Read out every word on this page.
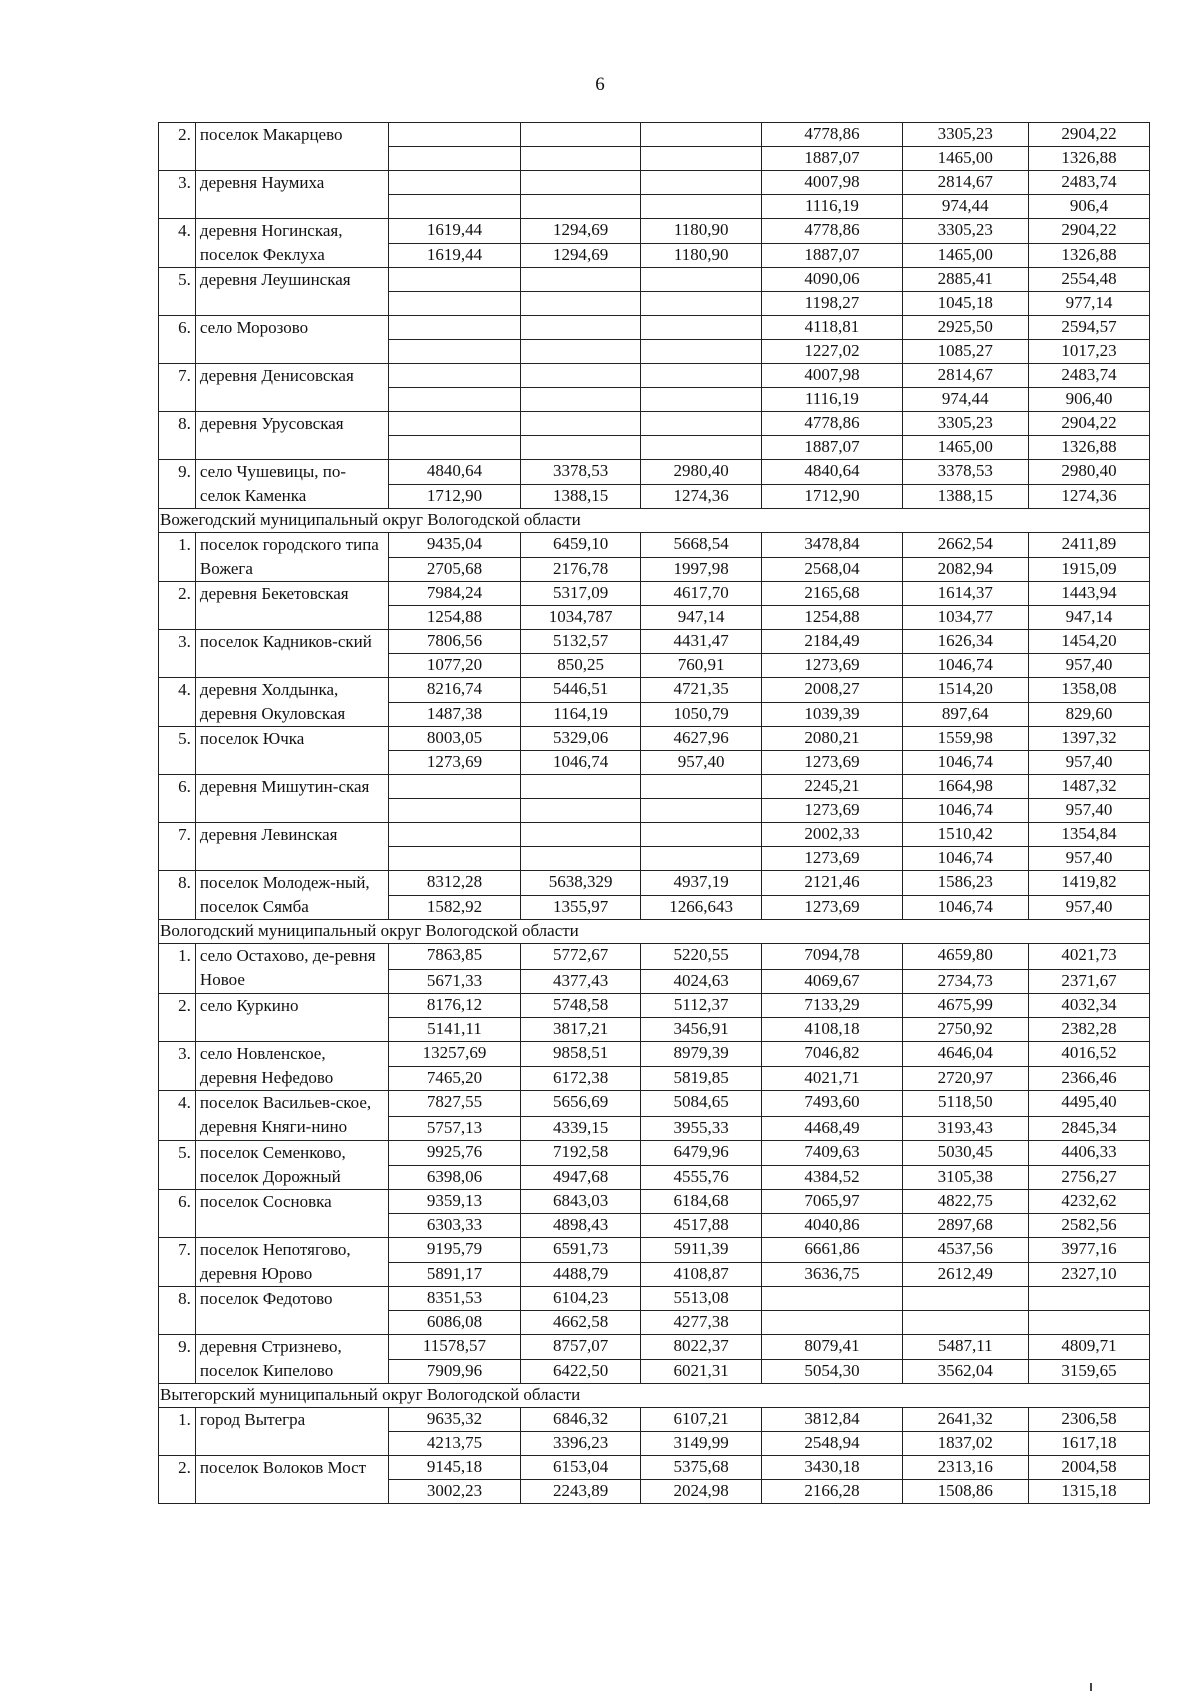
6
2.	поселок Макарцево				4778,86	3305,23	2904,22
					1887,07	1465,00	1326,88
3.	деревня Наумиха				4007,98	2814,67	2483,74
					1116,19	974,44	906,4
4.	деревня Ногинская, поселок Феклуха	1619,44	1294,69	1180,90	4778,86	3305,23	2904,22
		1619,44	1294,69	1180,90	1887,07	1465,00	1326,88
5.	деревня Леушинская				4090,06	2885,41	2554,48
					1198,27	1045,18	977,14
6.	село Морозово				4118,81	2925,50	2594,57
					1227,02	1085,27	1017,23
7.	деревня Денисовская				4007,98	2814,67	2483,74
					1116,19	974,44	906,40
8.	деревня Урусовская				4778,86	3305,23	2904,22
					1887,07	1465,00	1326,88
9.	село Чушевицы, по-селок Каменка	4840,64	3378,53	2980,40	4840,64	3378,53	2980,40
		1712,90	1388,15	1274,36	1712,90	1388,15	1274,36
Вожегодский муниципальный округ Вологодской области							
1.	поселок городского типа Вожега	9435,04	6459,10	5668,54	3478,84	2662,54	2411,89
		2705,68	2176,78	1997,98	2568,04	2082,94	1915,09
2.	деревня Бекетовская	7984,24	5317,09	4617,70	2165,68	1614,37	1443,94
		1254,88	1034,787	947,14	1254,88	1034,77	947,14
3.	поселок Кадников-ский	7806,56	5132,57	4431,47	2184,49	1626,34	1454,20
		1077,20	850,25	760,91	1273,69	1046,74	957,40
4.	деревня Холдынка, деревня Окуловская	8216,74	5446,51	4721,35	2008,27	1514,20	1358,08
		1487,38	1164,19	1050,79	1039,39	897,64	829,60
5.	поселок Ючка	8003,05	5329,06	4627,96	2080,21	1559,98	1397,32
		1273,69	1046,74	957,40	1273,69	1046,74	957,40
6.	деревня Мишутин-ская				2245,21	1664,98	1487,32
					1273,69	1046,74	957,40
7.	деревня Левинская				2002,33	1510,42	1354,84
					1273,69	1046,74	957,40
8.	поселок Молодеж-ный, поселок Сямба	8312,28	5638,329	4937,19	2121,46	1586,23	1419,82
		1582,92	1355,97	1266,643	1273,69	1046,74	957,40
Вологодский муниципальный округ Вологодской области							
1.	село Остахово, де-ревня Новое	7863,85	5772,67	5220,55	7094,78	4659,80	4021,73
		5671,33	4377,43	4024,63	4069,67	2734,73	2371,67
2.	село Куркино	8176,12	5748,58	5112,37	7133,29	4675,99	4032,34
		5141,11	3817,21	3456,91	4108,18	2750,92	2382,28
3.	село Новленское, деревня Нефедово	13257,69	9858,51	8979,39	7046,82	4646,04	4016,52
		7465,20	6172,38	5819,85	4021,71	2720,97	2366,46
4.	поселок Васильев-ское, деревня Княги-нино	7827,55	5656,69	5084,65	7493,60	5118,50	4495,40
		5757,13	4339,15	3955,33	4468,49	3193,43	2845,34
5.	поселок Семенково, поселок Дорожный	9925,76	7192,58	6479,96	7409,63	5030,45	4406,33
		6398,06	4947,68	4555,76	4384,52	3105,38	2756,27
6.	поселок Сосновка	9359,13	6843,03	6184,68	7065,97	4822,75	4232,62
		6303,33	4898,43	4517,88	4040,86	2897,68	2582,56
7.	поселок Непотягово, деревня Юрово	9195,79	6591,73	5911,39	6661,86	4537,56	3977,16
		5891,17	4488,79	4108,87	3636,75	2612,49	2327,10
8.	поселок Федотово	8351,53	6104,23	5513,08			
		6086,08	4662,58	4277,38			
9.	деревня Стризнево, поселок Кипелово	11578,57	8757,07	8022,37	8079,41	5487,11	4809,71
		7909,96	6422,50	6021,31	5054,30	3562,04	3159,65
Вытегорский муниципальный округ Вологодской области							
1.	город Вытегра	9635,32	6846,32	6107,21	3812,84	2641,32	2306,58
		4213,75	3396,23	3149,99	2548,94	1837,02	1617,18
2.	поселок Волоков Мост	9145,18	6153,04	5375,68	3430,18	2313,16	2004,58
		3002,23	2243,89	2024,98	2166,28	1508,86	1315,18
